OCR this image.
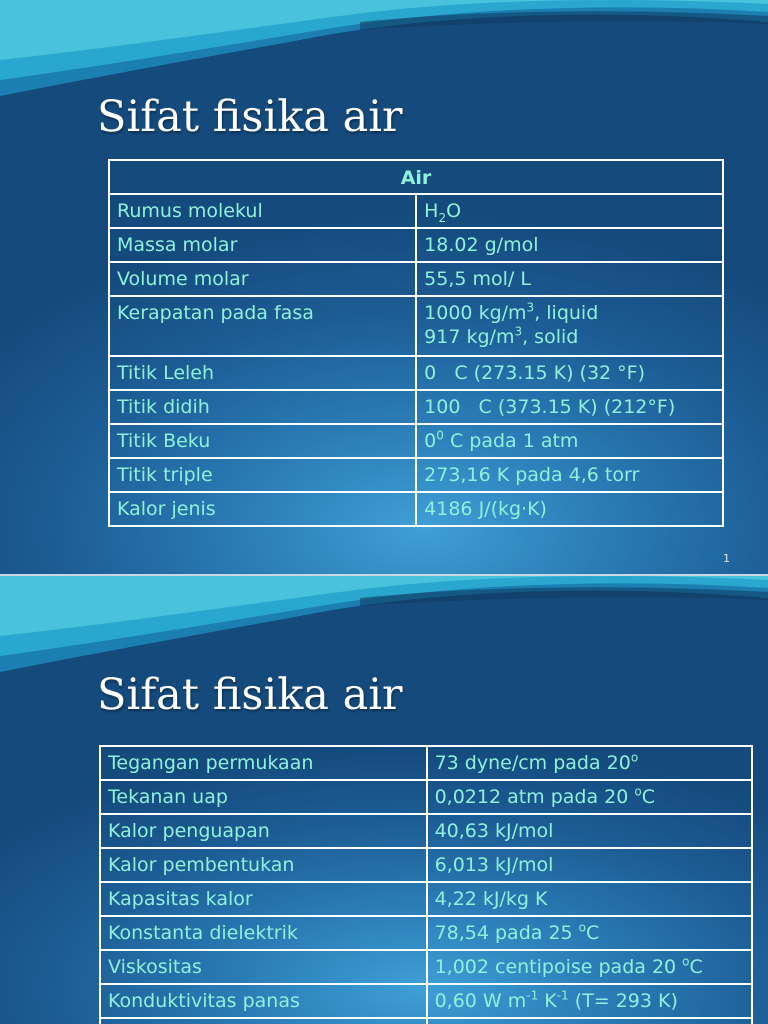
Sifat fisika air
Air	
Rumus molekul	$H_2O$
Massa molar	18.02 g/mol
Volume molar	55,5 mol/ L
Kerapatan pada fasa	1000 $kg/m^3$, liquid
917 $kg/m^3$, solid

Titik Leleh	0   C (273.15 K) (32 °F)
Titik didih	100   C (373.15 K) (212°F)
Titik Beku	$0^0$ C pada 1 atm
Titik triple	273,16 K pada 4,6 torr
Kalor jenis	4186 J/(kg·K)
1
Sifat fisika air
Tegangan permukaan	73 dyne/cm pada 20$^o$
Tekanan uap	0,0212 atm pada 20 $^o$C
Kalor penguapan	40,63 kJ/mol
Kalor pembentukan	6,013 kJ/mol
Kapasitas kalor	4,22 kJ/kg K
Konstanta dielektrik	78,54 pada 25 $^o$C
Viskositas	1,002 centipoise pada 20 $^o$C
Konduktivitas panas	0,60 W $m^{-1}$ $K^{-1}$ (T= 293 K)
